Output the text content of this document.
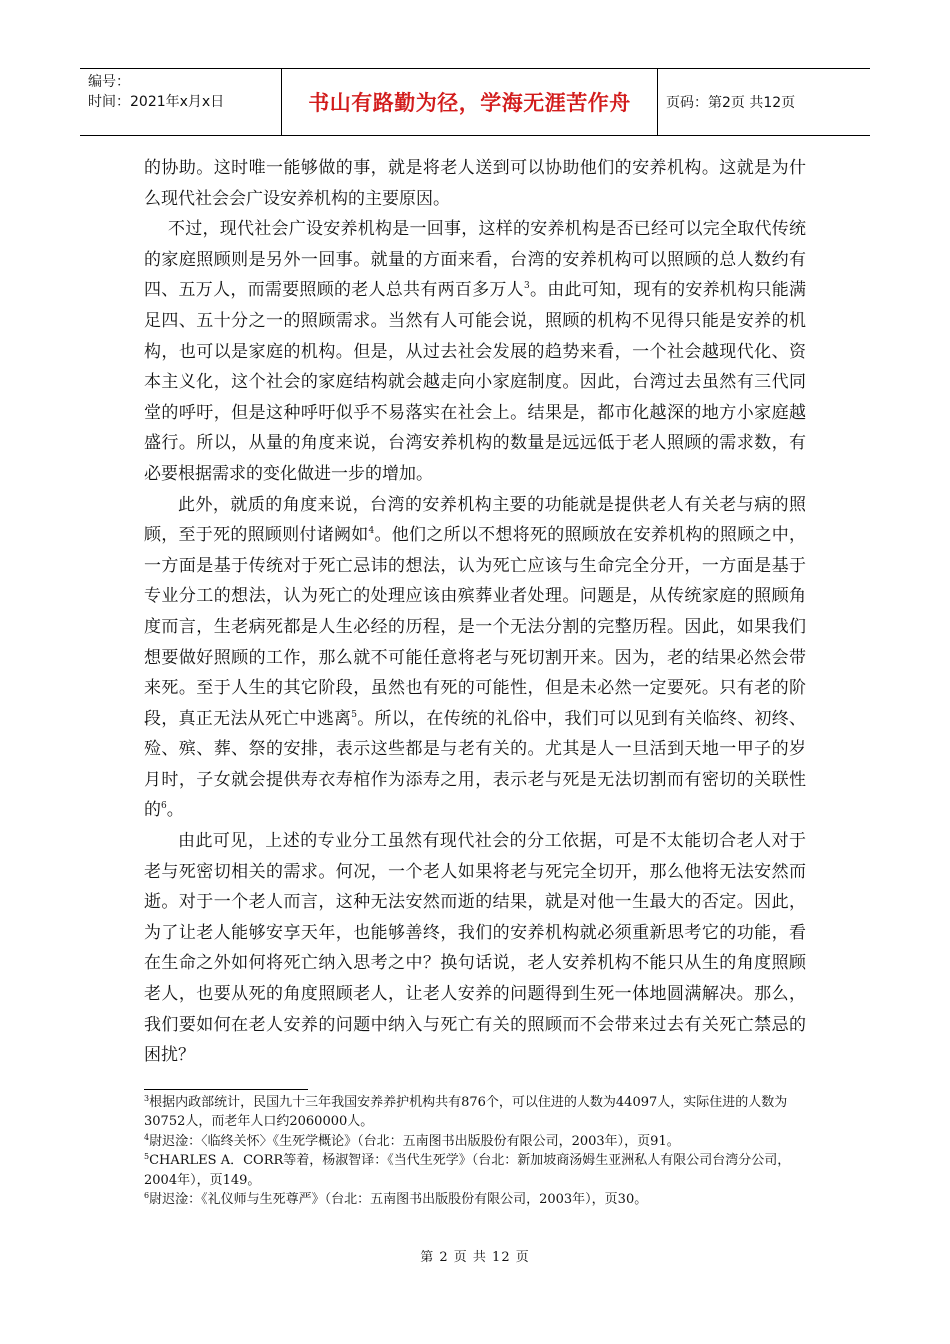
编号：
时间：2021年x月x日	书山有路勤为径，学海无涯苦作舟	页码：第2页 共12页

的协助。这时唯一能够做的事，就是将老人送到可以协助他们的安养机构。这就是为什么现代社会会广设安养机构的主要原因。

不过，现代社会广设安养机构是一回事，这样的安养机构是否已经可以完全取代传统的家庭照顾则是另外一回事。就量的方面来看，台湾的安养机构可以照顾的总人数约有四、五万人，而需要照顾的老人总共有两百多万人$^3$。由此可知，现有的安养机构只能满足四、五十分之一的照顾需求。当然有人可能会说，照顾的机构不见得只能是安养的机构，也可以是家庭的机构。但是，从过去社会发展的趋势来看，一个社会越现代化、资本主义化，这个社会的家庭结构就会越走向小家庭制度。因此，台湾过去虽然有三代同堂的呼吁，但是这种呼吁似乎不易落实在社会上。结果是，都市化越深的地方小家庭越盛行。所以，从量的角度来说，台湾安养机构的数量是远远低于老人照顾的需求数，有必要根据需求的变化做进一步的增加。

此外，就质的角度来说，台湾的安养机构主要的功能就是提供老人有关老与病的照顾，至于死的照顾则付诸阙如$^4$。他们之所以不想将死的照顾放在安养机构的照顾之中，一方面是基于传统对于死亡忌讳的想法，认为死亡应该与生命完全分开，一方面是基于专业分工的想法，认为死亡的处理应该由殡葬业者处理。问题是，从传统家庭的照顾角度而言，生老病死都是人生必经的历程，是一个无法分割的完整历程。因此，如果我们想要做好照顾的工作，那么就不可能任意将老与死切割开来。因为，老的结果必然会带来死。至于人生的其它阶段，虽然也有死的可能性，但是未必然一定要死。只有老的阶段，真正无法从死亡中逃离$^5$。所以，在传统的礼俗中，我们可以见到有关临终、初终、殓、殡、葬、祭的安排，表示这些都是与老有关的。尤其是人一旦活到天地一甲子的岁月时，子女就会提供寿衣寿棺作为添寿之用，表示老与死是无法切割而有密切的关联性的$^6$。

由此可见，上述的专业分工虽然有现代社会的分工依据，可是不太能切合老人对于老与死密切相关的需求。何况，一个老人如果将老与死完全切开，那么他将无法安然而逝。对于一个老人而言，这种无法安然而逝的结果，就是对他一生最大的否定。因此，为了让老人能够安享天年，也能够善终，我们的安养机构就必须重新思考它的功能，看在生命之外如何将死亡纳入思考之中？换句话说，老人安养机构不能只从生的角度照顾老人，也要从死的角度照顾老人，让老人安养的问题得到生死一体地圆满解决。那么，我们要如何在老人安养的问题中纳入与死亡有关的照顾而不会带来过去有关死亡禁忌的困扰？

$^3$根据内政部统计，民国九十三年我国安养养护机构共有876个，可以住进的人数为44097人，实际住进的人数为30752人，而老年人口约2060000人。

$^4$尉迟淦：〈临终关怀〉《生死学概论》（台北：五南图书出版股份有限公司，2003年），页91。

$^5$CHARLES A．CORR等着，杨淑智译：《当代生死学》（台北：新加坡商汤姆生亚洲私人有限公司台湾分公司，2004年），页149。

$^6$尉迟淦：《礼仪师与生死尊严》（台北：五南图书出版股份有限公司，2003年），页30。

第 2 页 共 12 页
